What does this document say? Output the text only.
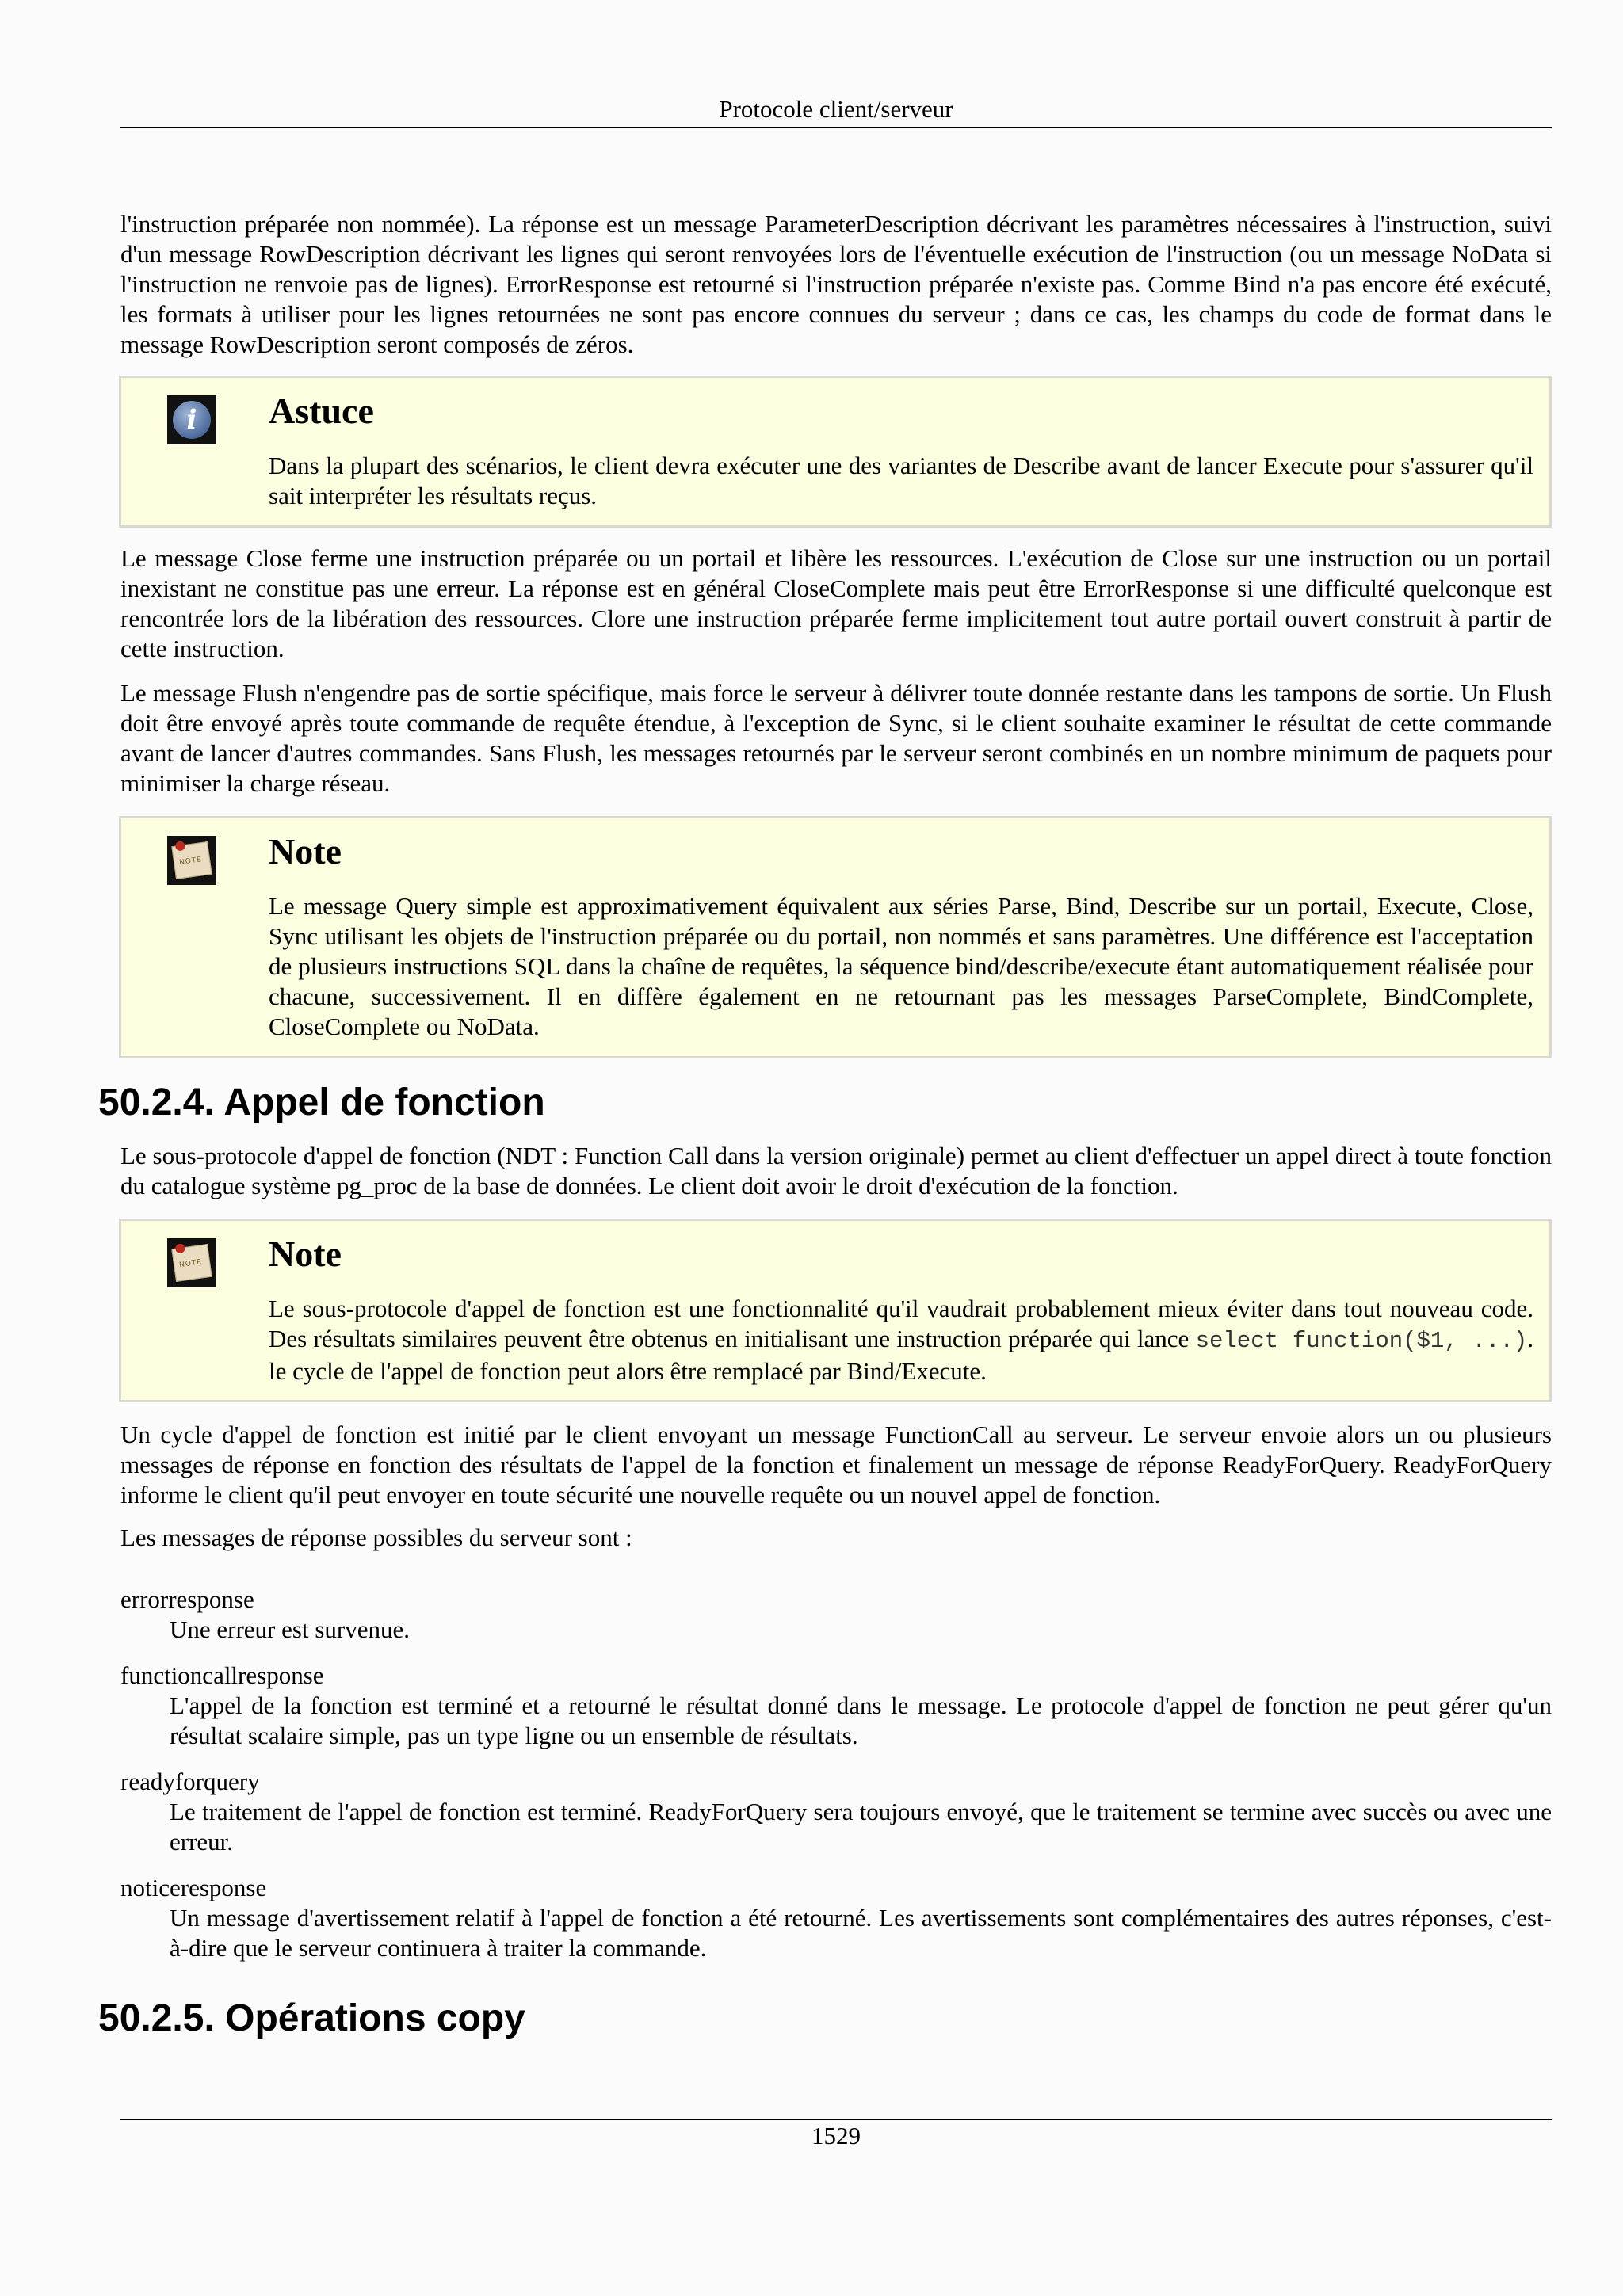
Protocole client/serveur

l'instruction préparée non nommée). La réponse est un message ParameterDescription décrivant les paramètres nécessaires à l'instruction, suivi d'un message RowDescription décrivant les lignes qui seront renvoyées lors de l'éventuelle exécution de l'instruction (ou un message NoData si l'instruction ne renvoie pas de lignes). ErrorResponse est retourné si l'instruction préparée n'existe pas. Comme Bind n'a pas encore été exécuté, les formats à utiliser pour les lignes retournées ne sont pas encore connues du serveur ; dans ce cas, les champs du code de format dans le message RowDescription seront composés de zéros.

i	Astuce

Dans la plupart des scénarios, le client devra exécuter une des variantes de Describe avant de lancer Execute pour s'assurer qu'il sait interpréter les résultats reçus.

Le message Close ferme une instruction préparée ou un portail et libère les ressources. L'exécution de Close sur une instruction ou un portail inexistant ne constitue pas une erreur. La réponse est en général CloseComplete mais peut être ErrorResponse si une difficulté quelconque est rencontrée lors de la libération des ressources. Clore une instruction préparée ferme implicitement tout autre portail ouvert construit à partir de cette instruction.

Le message Flush n'engendre pas de sortie spécifique, mais force le serveur à délivrer toute donnée restante dans les tampons de sortie. Un Flush doit être envoyé après toute commande de requête étendue, à l'exception de Sync, si le client souhaite examiner le résultat de cette commande avant de lancer d'autres commandes. Sans Flush, les messages retournés par le serveur seront combinés en un nombre minimum de paquets pour minimiser la charge réseau.

NOTE Note

Le message Query simple est approximativement équivalent aux séries Parse, Bind, Describe sur un portail, Execute, Close, Sync utilisant les objets de l'instruction préparée ou du portail, non nommés et sans paramètres. Une différence est l'acceptation de plusieurs instructions SQL dans la chaîne de requêtes, la séquence bind/describe/execute étant automatiquement réalisée pour chacune, successivement. Il en diffère également en ne retournant pas les messages ParseComplete, BindComplete, CloseComplete ou NoData.

50.2.4. Appel de fonction

Le sous-protocole d'appel de fonction (NDT : Function Call dans la version originale) permet au client d'effectuer un appel direct à toute fonction du catalogue système pg_proc de la base de données. Le client doit avoir le droit d'exécution de la fonction.

NOTE Note

Le sous-protocole d'appel de fonction est une fonctionnalité qu'il vaudrait probablement mieux éviter dans tout nouveau code. Des résultats similaires peuvent être obtenus en initialisant une instruction préparée qui lance select function($1, ...). le cycle de l'appel de fonction peut alors être remplacé par Bind/Execute.

Un cycle d'appel de fonction est initié par le client envoyant un message FunctionCall au serveur. Le serveur envoie alors un ou plusieurs messages de réponse en fonction des résultats de l'appel de la fonction et finalement un message de réponse ReadyForQuery. ReadyForQuery informe le client qu'il peut envoyer en toute sécurité une nouvelle requête ou un nouvel appel de fonction.

Les messages de réponse possibles du serveur sont :

errorresponse
Une erreur est survenue.
functioncallresponse
L'appel de la fonction est terminé et a retourné le résultat donné dans le message. Le protocole d'appel de fonction ne peut gérer qu'un résultat scalaire simple, pas un type ligne ou un ensemble de résultats.
readyforquery
Le traitement de l'appel de fonction est terminé. ReadyForQuery sera toujours envoyé, que le traitement se termine avec succès ou avec une erreur.
noticeresponse
Un message d'avertissement relatif à l'appel de fonction a été retourné. Les avertissements sont complémentaires des autres réponses, c'est-à-dire que le serveur continuera à traiter la commande.
50.2.5. Opérations copy
1529
